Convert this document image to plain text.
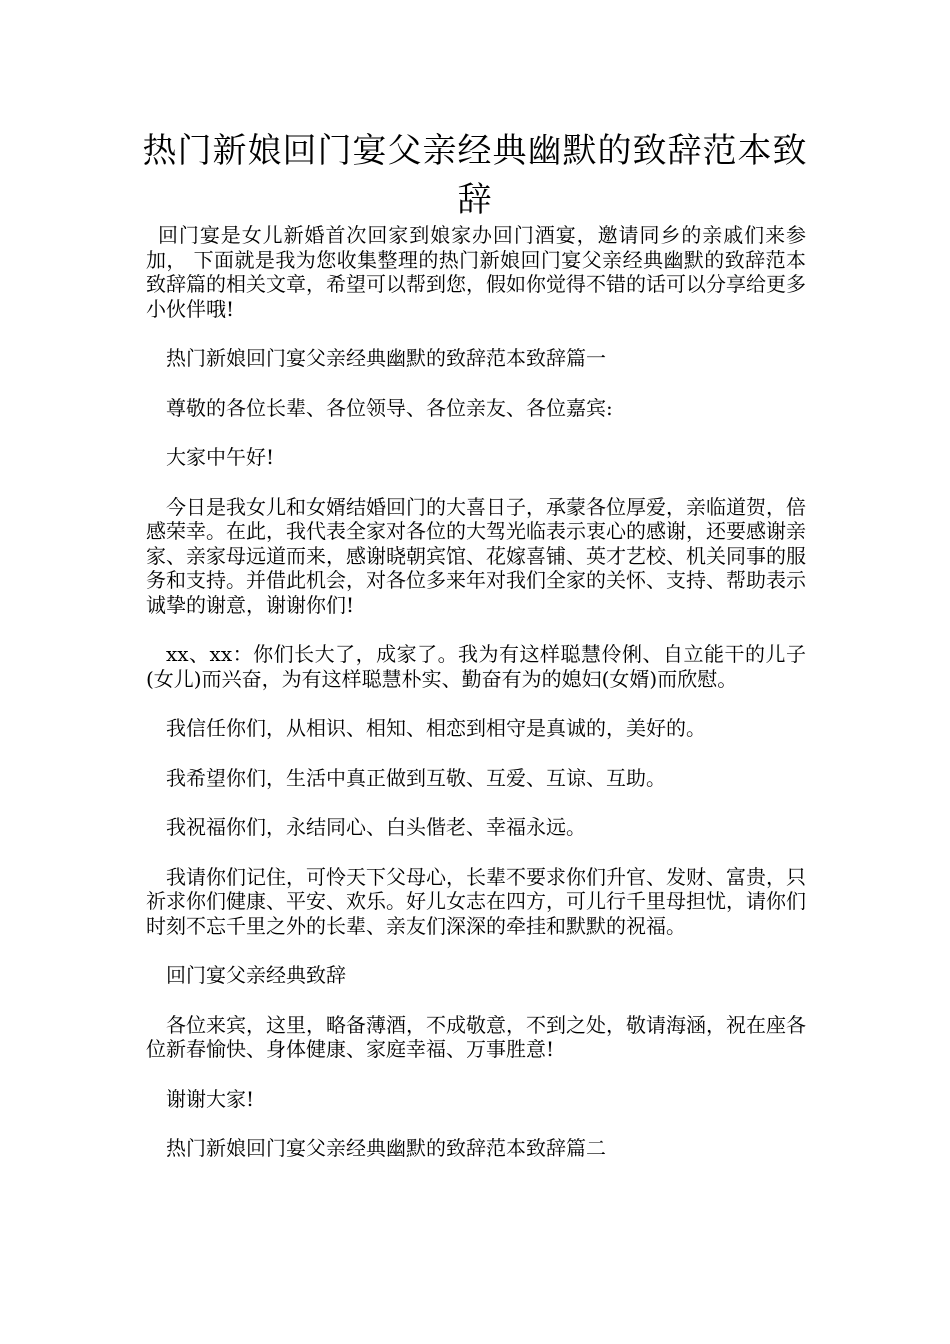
热门新娘回门宴父亲经典幽默的致辞范本致辞

回门宴是女儿新婚首次回家到娘家办回门酒宴，邀请同乡的亲戚们来参加， 下面就是我为您收集整理的热门新娘回门宴父亲经典幽默的致辞范本致辞篇的相关文章，希望可以帮到您，假如你觉得不错的话可以分享给更多小伙伴哦!

热门新娘回门宴父亲经典幽默的致辞范本致辞篇一

尊敬的各位长辈、各位领导、各位亲友、各位嘉宾:

大家中午好!

今日是我女儿和女婿结婚回门的大喜日子，承蒙各位厚爱，亲临道贺，倍感荣幸。在此，我代表全家对各位的大驾光临表示衷心的感谢，还要感谢亲家、亲家母远道而来，感谢晓朝宾馆、花嫁喜铺、英才艺校、机关同事的服务和支持。并借此机会，对各位多来年对我们全家的关怀、支持、帮助表示诚挚的谢意，谢谢你们!

xx、xx：你们长大了，成家了。我为有这样聪慧伶俐、自立能干的儿子(女儿)而兴奋，为有这样聪慧朴实、勤奋有为的媳妇(女婿)而欣慰。

我信任你们，从相识、相知、相恋到相守是真诚的，美好的。

我希望你们，生活中真正做到互敬、互爱、互谅、互助。

我祝福你们，永结同心、白头偕老、幸福永远。

我请你们记住，可怜天下父母心，长辈不要求你们升官、发财、富贵，只祈求你们健康、平安、欢乐。好儿女志在四方，可儿行千里母担忧，请你们时刻不忘千里之外的长辈、亲友们深深的牵挂和默默的祝福。

回门宴父亲经典致辞

各位来宾，这里，略备薄酒，不成敬意，不到之处，敬请海涵，祝在座各位新春愉快、身体健康、家庭幸福、万事胜意!

谢谢大家!

热门新娘回门宴父亲经典幽默的致辞范本致辞篇二
